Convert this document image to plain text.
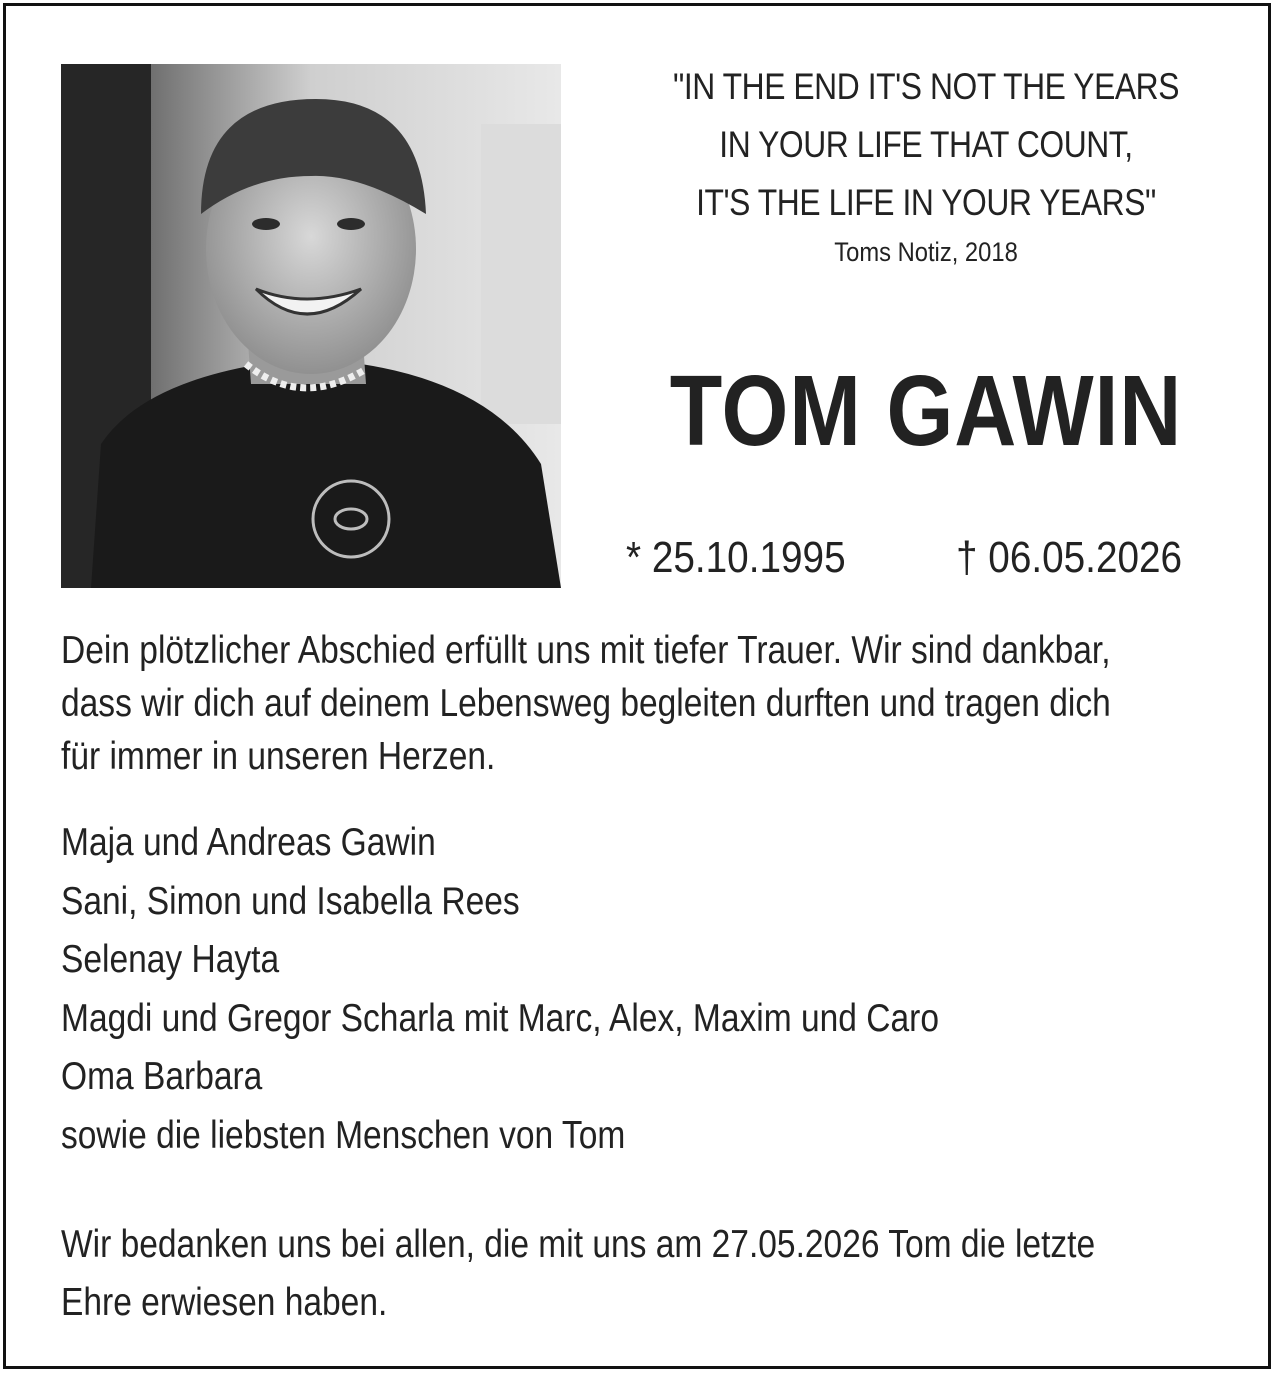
"IN THE END IT'S NOT THE YEARS
IN YOUR LIFE THAT COUNT,
IT'S THE LIFE IN YOUR YEARS"
Toms Notiz, 2018
TOM GAWIN
* 25.10.1995	† 06.05.2026
Dein plötzlicher Abschied erfüllt uns mit tiefer Trauer. Wir sind dankbar,
dass wir dich auf deinem Lebensweg begleiten durften und tragen dich
für immer in unseren Herzen.
Maja und Andreas Gawin
Sani, Simon und Isabella Rees
Selenay Hayta
Magdi und Gregor Scharla mit Marc, Alex, Maxim und Caro
Oma Barbara
sowie die liebsten Menschen von Tom
Wir bedanken uns bei allen, die mit uns am 27.05.2026 Tom die letzte
Ehre erwiesen haben.
